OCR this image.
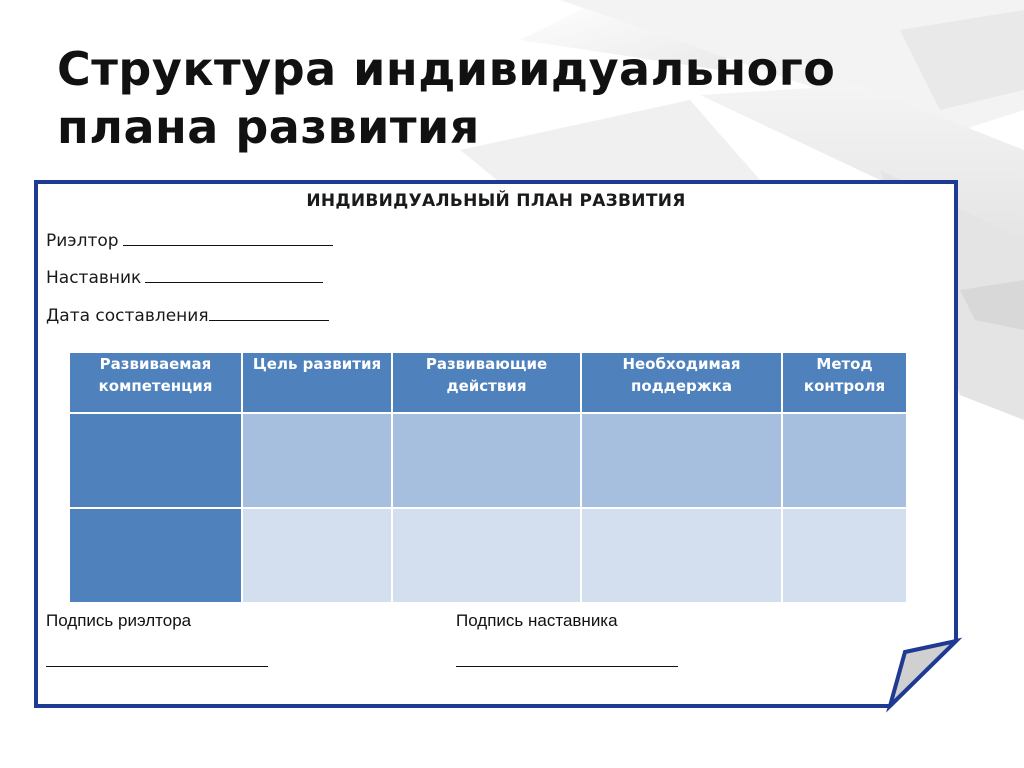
Структура индивидуального плана развития
ИНДИВИДУАЛЬНЫЙ ПЛАН РАЗВИТИЯ
Риэлтор
Наставник
Дата составления
Развиваемая компетенция	Цель развития	Развивающие действия	Необходимая поддержка	Метод контроля

Подпись риэлтора	Подпись наставника
